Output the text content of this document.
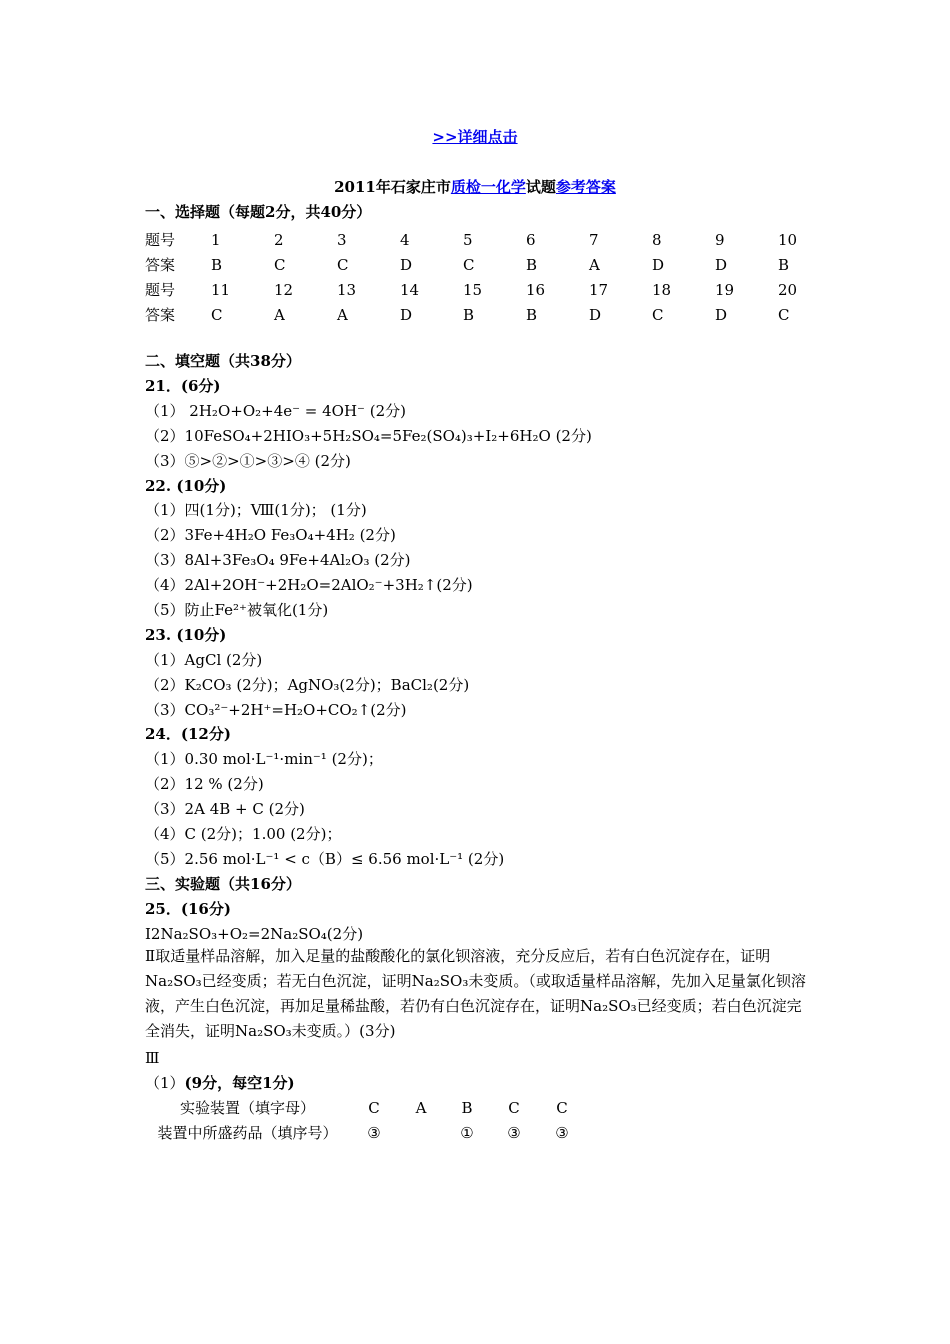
>>详细点击
2011年石家庄市质检一化学试题参考答案
一、选择题（每题2分，共40分）
题号	1	2	3	4	5	6	7	8	9	10
答案	B	C	C	D	C	B	A	D	D	B
题号	11	12	13	14	15	16	17	18	19	20
答案	C	A	A	D	B	B	D	C	D	C
二、填空题（共38分）
21．(6分)
（1） 2H₂O+O₂+4e⁻ = 4OH⁻ (2分)
（2）10FeSO₄+2HIO₃+5H₂SO₄=5Fe₂(SO₄)₃+I₂+6H₂O (2分)
（3）⑤>②>①>③>④ (2分)
22. (10分)
（1）四(1分)；Ⅷ(1分)； (1分)
（2）3Fe+4H₂O Fe₃O₄+4H₂ (2分)
（3）8Al+3Fe₃O₄ 9Fe+4Al₂O₃ (2分)
（4）2Al+2OH⁻+2H₂O=2AlO₂⁻+3H₂↑(2分)
（5）防止Fe²⁺被氧化(1分)
23. (10分)
（1）AgCl (2分)
（2）K₂CO₃ (2分)；AgNO₃(2分)；BaCl₂(2分)
（3）CO₃²⁻+2H⁺=H₂O+CO₂↑(2分)
24．(12分)
（1）0.30 mol·L⁻¹·min⁻¹ (2分)；
（2）12 % (2分)
（3）2A 4B + C (2分)
（4）C (2分)；1.00 (2分)；
（5）2.56 mol·L⁻¹ < c（B）≤ 6.56 mol·L⁻¹ (2分)
三、实验题（共16分）
25．(16分)
Ⅰ2Na₂SO₃+O₂=2Na₂SO₄(2分)
Ⅱ取适量样品溶解，加入足量的盐酸酸化的氯化钡溶液，充分反应后，若有白色沉淀存在，证明Na₂SO₃已经变质；若无白色沉淀，证明Na₂SO₃未变质。（或取适量样品溶解，先加入足量氯化钡溶液，产生白色沉淀，再加足量稀盐酸，若仍有白色沉淀存在，证明Na₂SO₃已经变质；若白色沉淀完全消失，证明Na₂SO₃未变质。）(3分)
Ⅲ
（1）(9分，每空1分)
实验装置（填字母）	C	A	B	C	C
装置中所盛药品（填序号）	③		①	③	③
